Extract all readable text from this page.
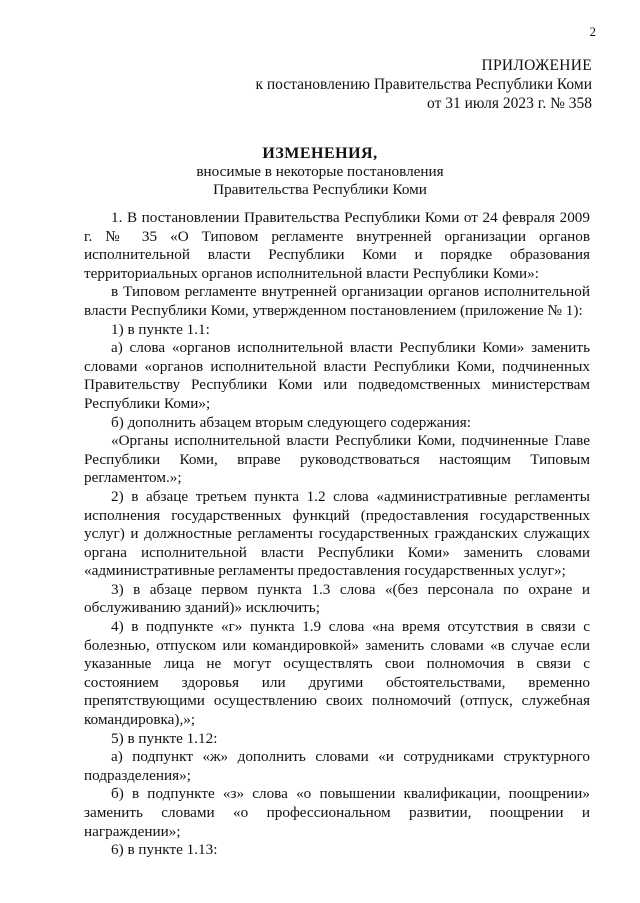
2
ПРИЛОЖЕНИЕ
к постановлению Правительства Республики Коми
от 31 июля 2023 г. № 358
ИЗМЕНЕНИЯ,
вносимые в некоторые постановления
Правительства Республики Коми

1. В постановлении Правительства Республики Коми от 24 февраля 2009 г. № 35 «О Типовом регламенте внутренней организации органов исполнительной власти Республики Коми и порядке образования территориальных органов исполнительной власти Республики Коми»:

в Типовом регламенте внутренней организации органов исполнительной власти Республики Коми, утвержденном постановлением (приложение № 1):

1) в пункте 1.1:

а) слова «органов исполнительной власти Республики Коми» заменить словами «органов исполнительной власти Республики Коми, подчиненных Правительству Республики Коми или подведомственных министерствам Республики Коми»;

б) дополнить абзацем вторым следующего содержания:

«Органы исполнительной власти Республики Коми, подчиненные Главе Республики Коми, вправе руководствоваться настоящим Типовым регламентом.»;

2) в абзаце третьем пункта 1.2 слова «административные регламенты исполнения государственных функций (предоставления государственных услуг) и должностные регламенты государственных гражданских служащих органа исполнительной власти Республики Коми» заменить словами «административные регламенты предоставления государственных услуг»;

3) в абзаце первом пункта 1.3 слова «(без персонала по охране и обслуживанию зданий)» исключить;

4) в подпункте «г» пункта 1.9 слова «на время отсутствия в связи с болезнью, отпуском или командировкой» заменить словами «в случае если указанные лица не могут осуществлять свои полномочия в связи с состоянием здоровья или другими обстоятельствами, временно препятствующими осуществлению своих полномочий (отпуск, служебная командировка),»;

5) в пункте 1.12:

а) подпункт «ж» дополнить словами «и сотрудниками структурного подразделения»;

б) в подпункте «з» слова «о повышении квалификации, поощрении» заменить словами «о профессиональном развитии, поощрении и награждении»;

6) в пункте 1.13:
